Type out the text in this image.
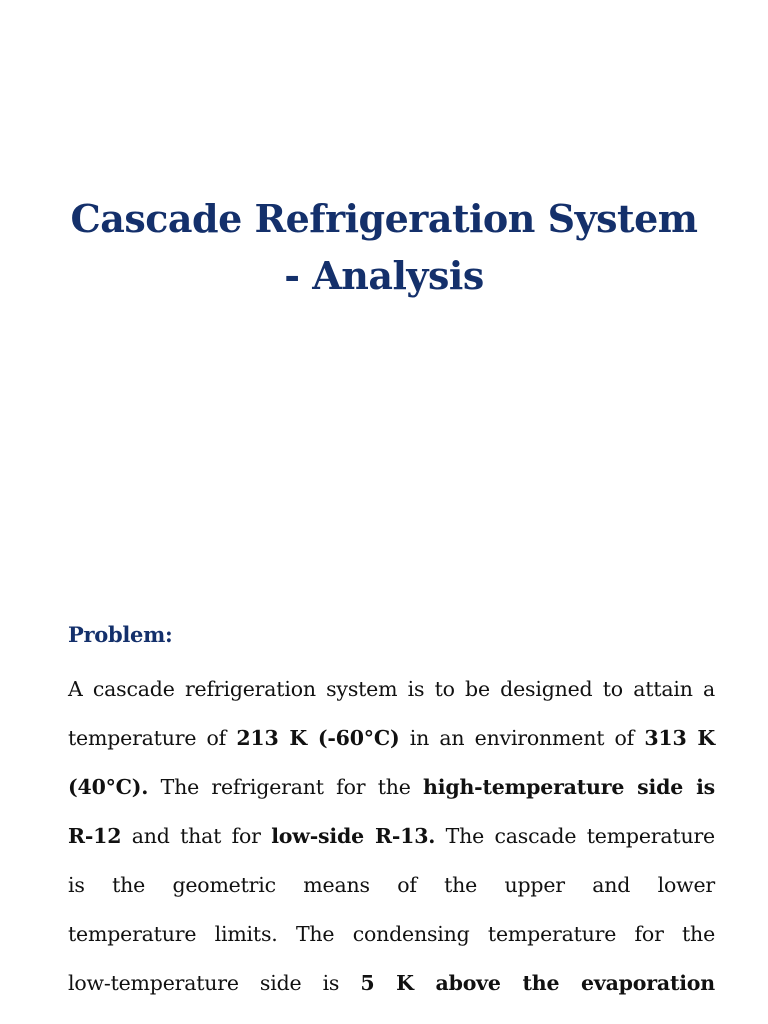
Cascade Refrigeration System
- Analysis
Problem:
A cascade refrigeration system is to be designed to attain a
temperature of 213 K (-60°C) in an environment of 313 K
(40°C). The refrigerant for the high-temperature side is
R-12 and that for low-side R-13. The cascade temperature
is the geometric means of the upper and lower
temperature limits. The condensing temperature for the
low-temperature side is 5 K above the evaporation
